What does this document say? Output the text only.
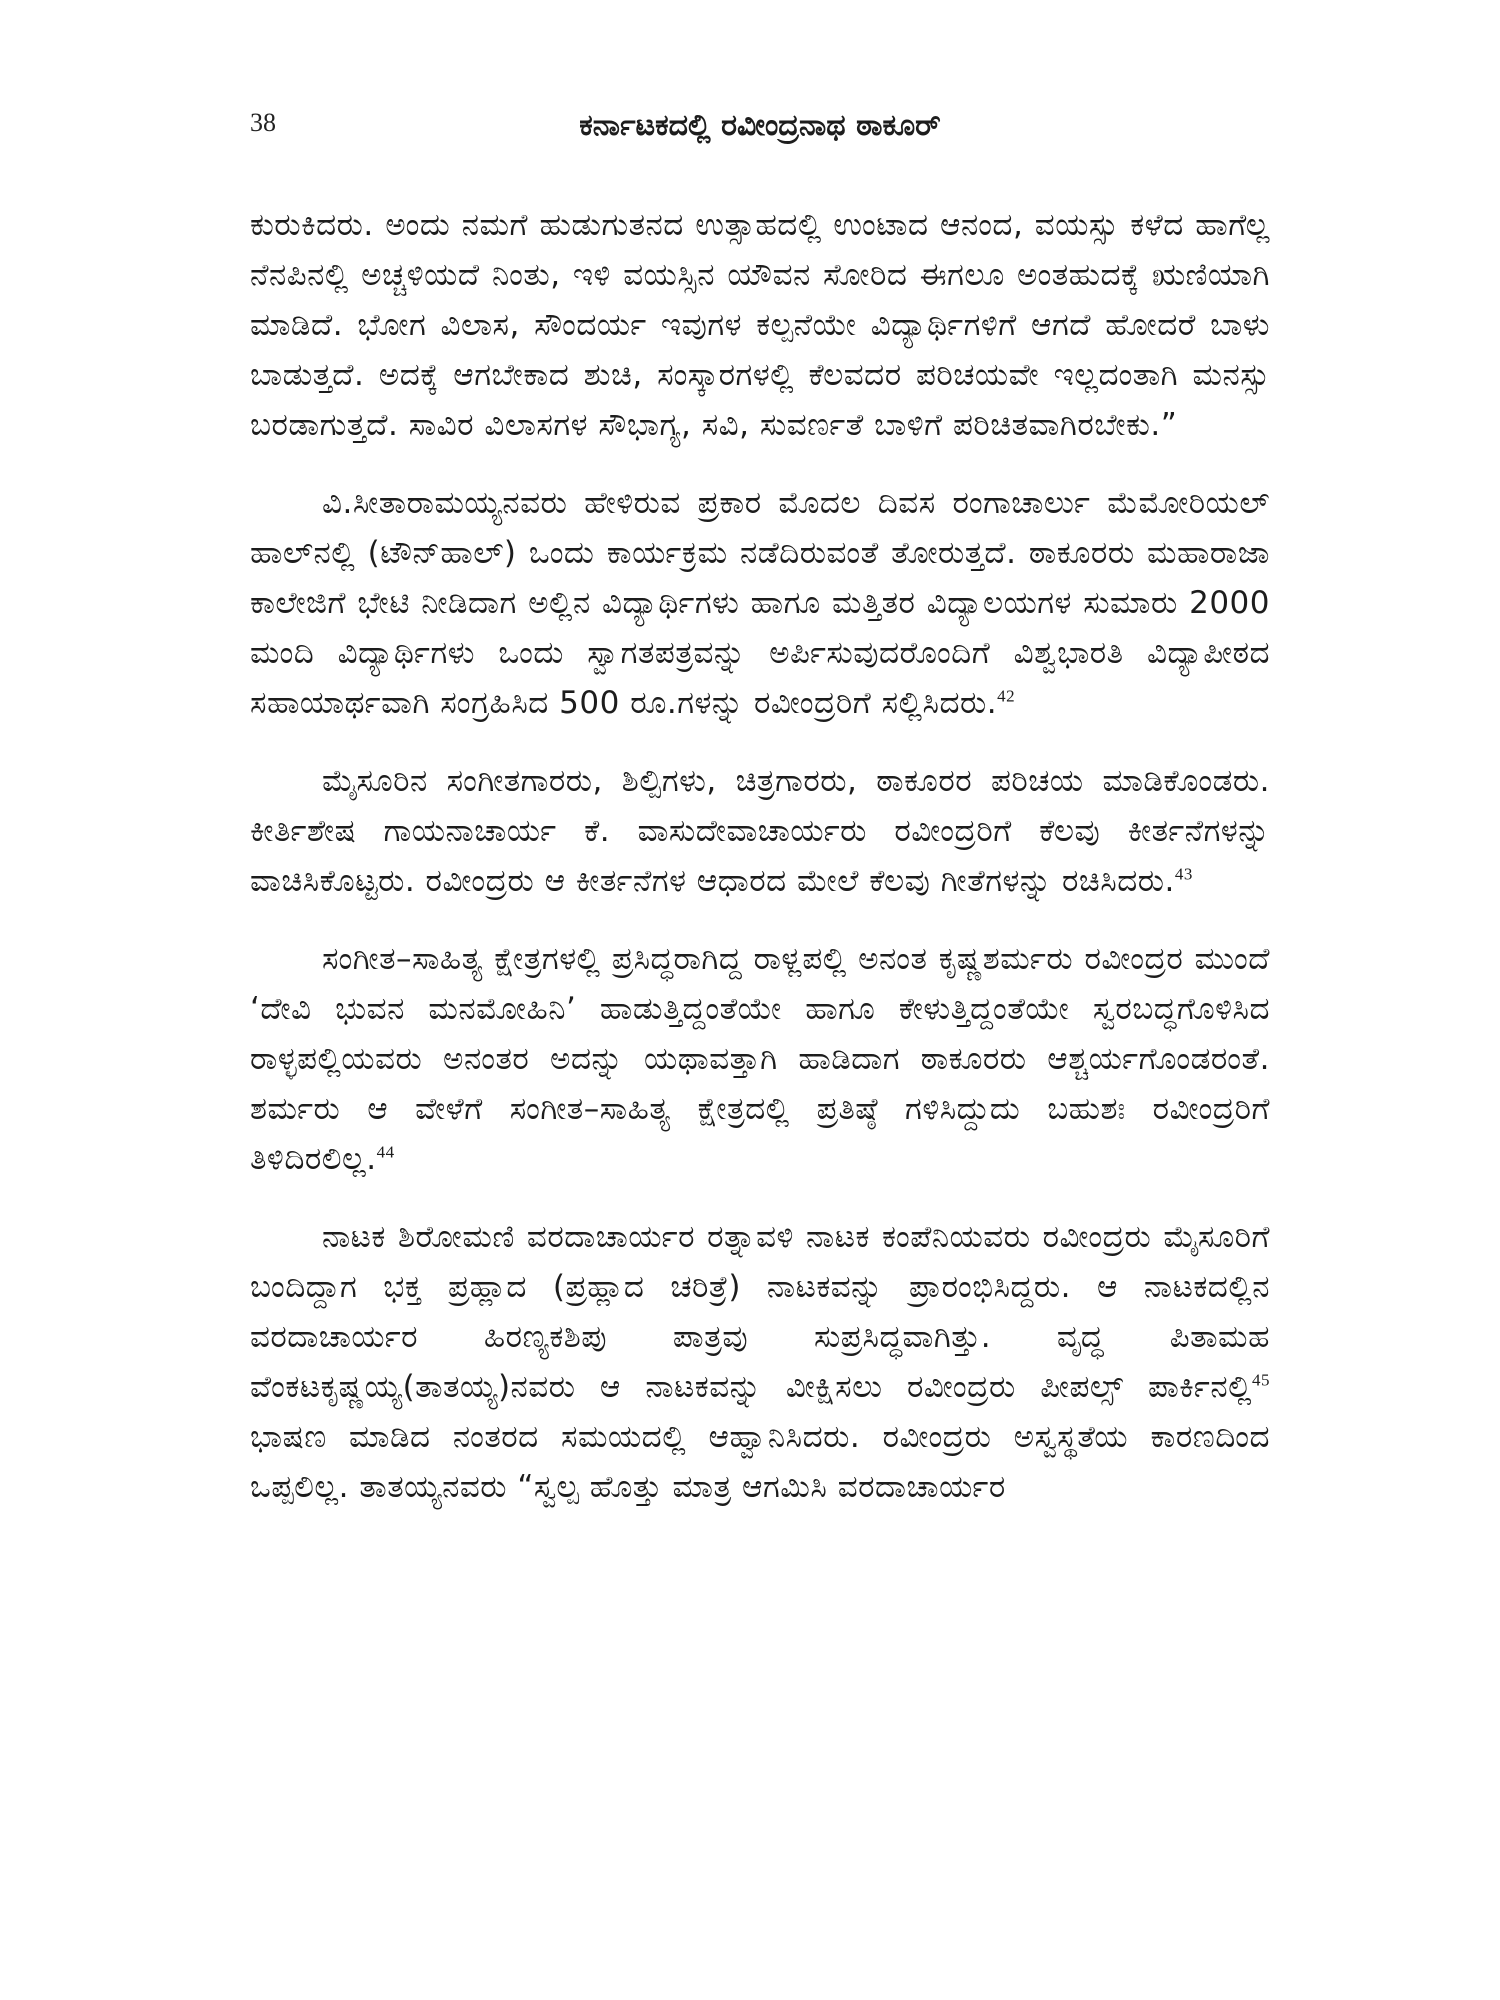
38	ಕರ್ನಾಟಕದಲ್ಲಿ ರವೀಂದ್ರನಾಥ ಠಾಕೂರ್

ಕುರುಕಿದರು. ಅಂದು ನಮಗೆ ಹುಡುಗುತನದ ಉತ್ಸಾಹದಲ್ಲಿ ಉಂಟಾದ ಆನಂದ, ವಯಸ್ಸು ಕಳೆದ ಹಾಗೆಲ್ಲ ನೆನಪಿನಲ್ಲಿ ಅಚ್ಚಳಿಯದೆ ನಿಂತು, ಇಳಿ ವಯಸ್ಸಿನ ಯೌವನ ಸೋರಿದ ಈಗಲೂ ಅಂತಹುದಕ್ಕೆ ಋಣಿಯಾಗಿ ಮಾಡಿದೆ. ಭೋಗ ವಿಲಾಸ, ಸೌಂದರ್ಯ ಇವುಗಳ ಕಲ್ಪನೆಯೇ ವಿದ್ಯಾರ್ಥಿಗಳಿಗೆ ಆಗದೆ ಹೋದರೆ ಬಾಳು ಬಾಡುತ್ತದೆ. ಅದಕ್ಕೆ ಆಗಬೇಕಾದ ಶುಚಿ, ಸಂಸ್ಕಾರಗಳಲ್ಲಿ ಕೆಲವದರ ಪರಿಚಯವೇ ಇಲ್ಲದಂತಾಗಿ ಮನಸ್ಸು ಬರಡಾಗುತ್ತದೆ. ಸಾವಿರ ವಿಲಾಸಗಳ ಸೌಭಾಗ್ಯ, ಸವಿ, ಸುವರ್ಣತೆ ಬಾಳಿಗೆ ಪರಿಚಿತವಾಗಿರಬೇಕು.”

ವಿ.ಸೀತಾರಾಮಯ್ಯನವರು ಹೇಳಿರುವ ಪ್ರಕಾರ ಮೊದಲ ದಿವಸ ರಂಗಾಚಾರ್ಲು ಮೆಮೋರಿಯಲ್ ಹಾಲ್‌ನಲ್ಲಿ (ಟೌನ್‌ಹಾಲ್) ಒಂದು ಕಾರ್ಯಕ್ರಮ ನಡೆದಿರುವಂತೆ ತೋರುತ್ತದೆ. ಠಾಕೂರರು ಮಹಾರಾಜಾ ಕಾಲೇಜಿಗೆ ಭೇಟಿ ನೀಡಿದಾಗ ಅಲ್ಲಿನ ವಿದ್ಯಾರ್ಥಿಗಳು ಹಾಗೂ ಮತ್ತಿತರ ವಿದ್ಯಾಲಯಗಳ ಸುಮಾರು 2000 ಮಂದಿ ವಿದ್ಯಾರ್ಥಿಗಳು ಒಂದು ಸ್ವಾಗತಪತ್ರವನ್ನು ಅರ್ಪಿಸುವುದರೊಂದಿಗೆ ವಿಶ್ವಭಾರತಿ ವಿದ್ಯಾಪೀಠದ ಸಹಾಯಾರ್ಥವಾಗಿ ಸಂಗ್ರಹಿಸಿದ 500 ರೂ.ಗಳನ್ನು ರವೀಂದ್ರರಿಗೆ ಸಲ್ಲಿಸಿದರು.$^{42}$

ಮೈಸೂರಿನ ಸಂಗೀತಗಾರರು, ಶಿಲ್ಪಿಗಳು, ಚಿತ್ರಗಾರರು, ಠಾಕೂರರ ಪರಿಚಯ ಮಾಡಿಕೊಂಡರು. ಕೀರ್ತಿಶೇಷ ಗಾಯನಾಚಾರ್ಯ ಕೆ. ವಾಸುದೇವಾಚಾರ್ಯರು ರವೀಂದ್ರರಿಗೆ ಕೆಲವು ಕೀರ್ತನೆಗಳನ್ನು ವಾಚಿಸಿಕೊಟ್ಟರು. ರವೀಂದ್ರರು ಆ ಕೀರ್ತನೆಗಳ ಆಧಾರದ ಮೇಲೆ ಕೆಲವು ಗೀತೆಗಳನ್ನು ರಚಿಸಿದರು.$^{43}$

ಸಂಗೀತ–ಸಾಹಿತ್ಯ ಕ್ಷೇತ್ರಗಳಲ್ಲಿ ಪ್ರಸಿದ್ಧರಾಗಿದ್ದ ರಾಳ್ಲಪಲ್ಲಿ ಅನಂತ ಕೃಷ್ಣಶರ್ಮರು ರವೀಂದ್ರರ ಮುಂದೆ ‘ದೇವಿ ಭುವನ ಮನಮೋಹಿನಿ’ ಹಾಡುತ್ತಿದ್ದಂತೆಯೇ ಹಾಗೂ ಕೇಳುತ್ತಿದ್ದಂತೆಯೇ ಸ್ವರಬದ್ಧಗೊಳಿಸಿದ ರಾಳ್ಳಪಲ್ಲಿಯವರು ಅನಂತರ ಅದನ್ನು ಯಥಾವತ್ತಾಗಿ ಹಾಡಿದಾಗ ಠಾಕೂರರು ಆಶ್ಚರ್ಯಗೊಂಡರಂತೆ. ಶರ್ಮರು ಆ ವೇಳೆಗೆ ಸಂಗೀತ–ಸಾಹಿತ್ಯ ಕ್ಷೇತ್ರದಲ್ಲಿ ಪ್ರತಿಷ್ಠೆ ಗಳಿಸಿದ್ದುದು ಬಹುಶಃ ರವೀಂದ್ರರಿಗೆ ತಿಳಿದಿರಲಿಲ್ಲ.$^{44}$

ನಾಟಕ ಶಿರೋಮಣಿ ವರದಾಚಾರ್ಯರ ರತ್ನಾವಳಿ ನಾಟಕ ಕಂಪೆನಿಯವರು ರವೀಂದ್ರರು ಮೈಸೂರಿಗೆ ಬಂದಿದ್ದಾಗ ಭಕ್ತ ಪ್ರಹ್ಲಾದ (ಪ್ರಹ್ಲಾದ ಚರಿತ್ರೆ) ನಾಟಕವನ್ನು ಪ್ರಾರಂಭಿಸಿದ್ದರು. ಆ ನಾಟಕದಲ್ಲಿನ ವರದಾಚಾರ್ಯರ ಹಿರಣ್ಯಕಶಿಪು ಪಾತ್ರವು ಸುಪ್ರಸಿದ್ಧವಾಗಿತ್ತು. ವೃದ್ಧ ಪಿತಾಮಹ ವೆಂಕಟಕೃಷ್ಣಯ್ಯ(ತಾತಯ್ಯ)ನವರು ಆ ನಾಟಕವನ್ನು ವೀಕ್ಷಿಸಲು ರವೀಂದ್ರರು ಪೀಪಲ್ಸ್ ಪಾರ್ಕಿನಲ್ಲಿ$^{45}$ ಭಾಷಣ ಮಾಡಿದ ನಂತರದ ಸಮಯದಲ್ಲಿ ಆಹ್ವಾನಿಸಿದರು. ರವೀಂದ್ರರು ಅಸ್ವಸ್ಥತೆಯ ಕಾರಣದಿಂದ ಒಪ್ಪಲಿಲ್ಲ. ತಾತಯ್ಯನವರು “ಸ್ವಲ್ಪ ಹೊತ್ತು ಮಾತ್ರ ಆಗಮಿಸಿ ವರದಾಚಾರ್ಯರ
